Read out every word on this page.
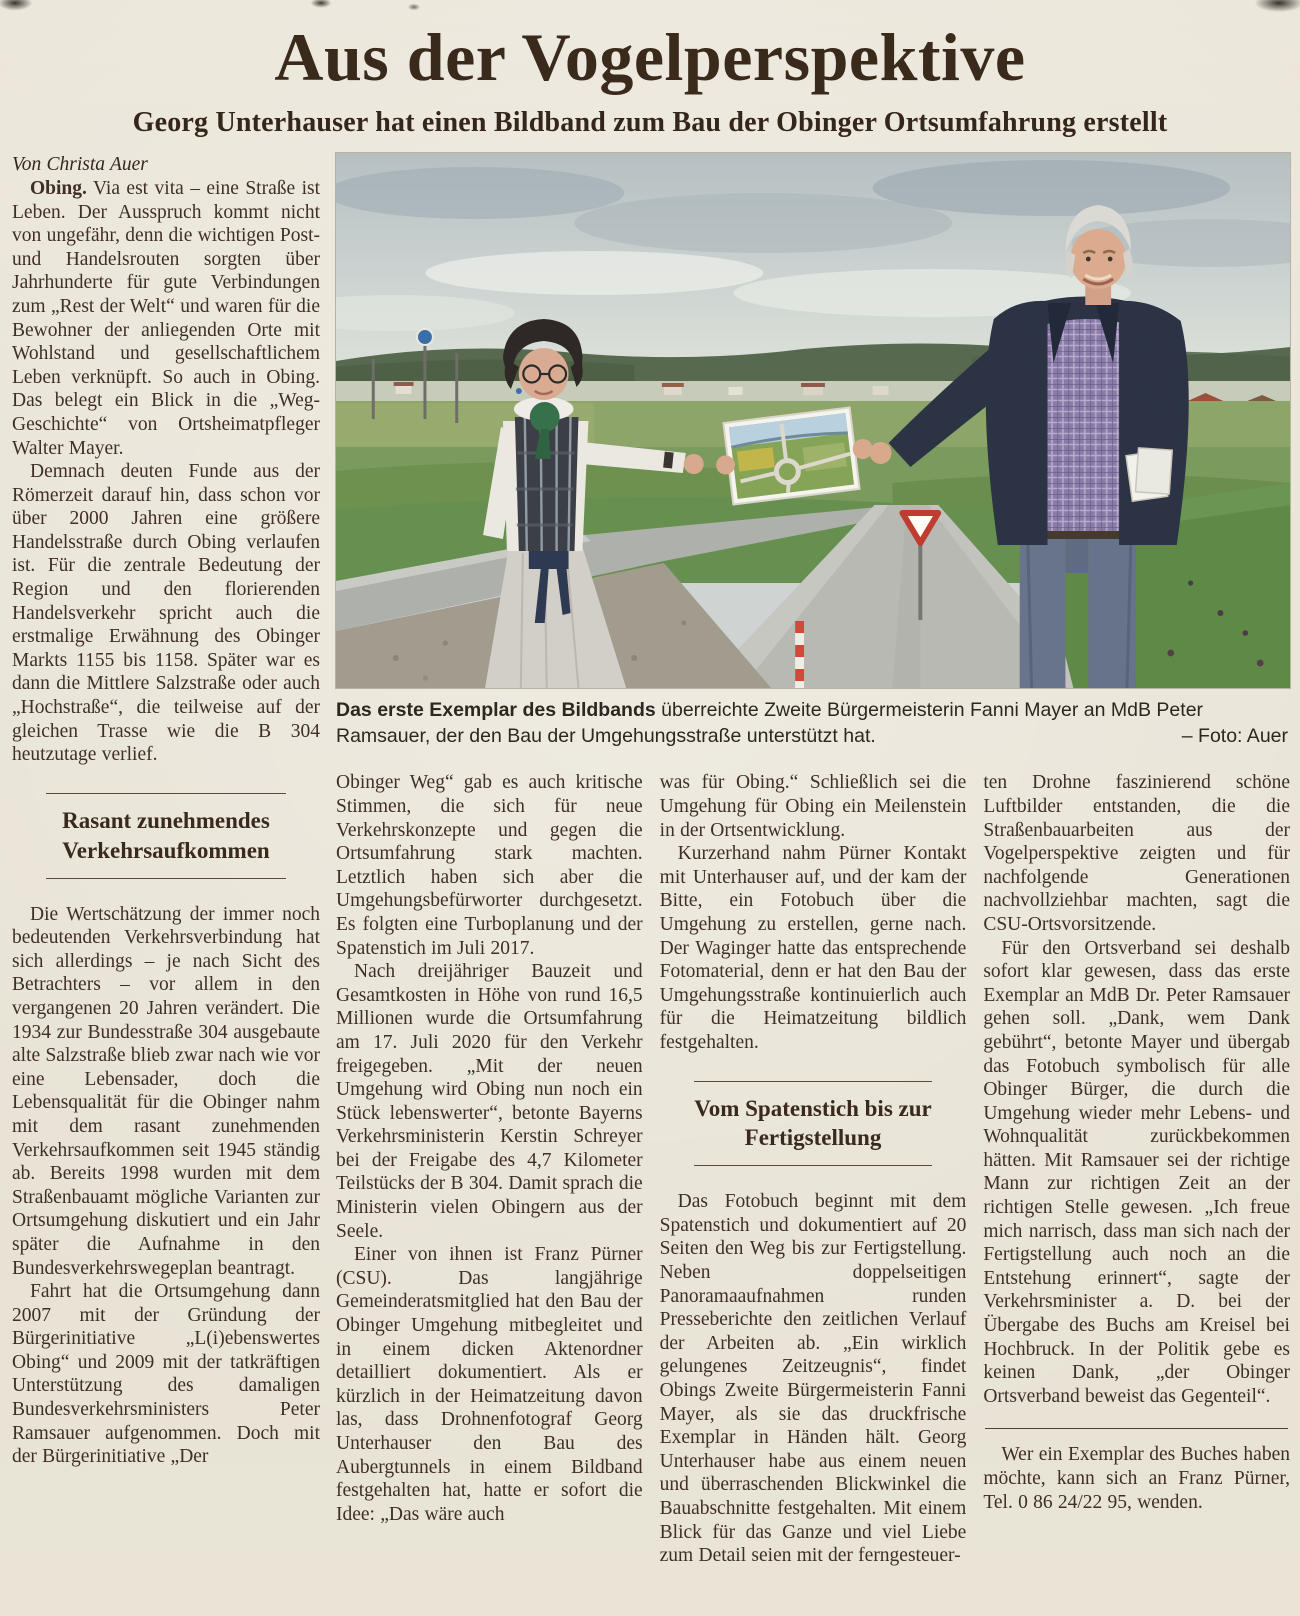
Aus der Vogelperspektive
Georg Unterhauser hat einen Bildband zum Bau der Obinger Ortsumfahrung erstellt

Von Christa Auer

Obing. Via est vita – eine Straße ist Leben. Der Ausspruch kommt nicht von ungefähr, denn die wichtigen Post- und Handelsrouten sorgten über Jahrhunderte für gute Verbindungen zum „Rest der Welt“ und waren für die Bewohner der anliegenden Orte mit Wohlstand und gesellschaftlichem Leben verknüpft. So auch in Obing. Das belegt ein Blick in die „Weg-Geschichte“ von Ortsheimatpfleger Walter Mayer.

Demnach deuten Funde aus der Römerzeit darauf hin, dass schon vor über 2000 Jahren eine größere Handelsstraße durch Obing verlaufen ist. Für die zentrale Bedeutung der Region und den florierenden Handelsverkehr spricht auch die erstmalige Erwähnung des Obinger Markts 1155 bis 1158. Später war es dann die Mittlere Salzstraße oder auch „Hochstraße“, die teilweise auf der gleichen Trasse wie die B 304 heutzutage verlief.

Rasant zunehmendes Verkehrsaufkommen

Die Wertschätzung der immer noch bedeutenden Verkehrsverbindung hat sich allerdings – je nach Sicht des Betrachters – vor allem in den vergangenen 20 Jahren verändert. Die 1934 zur Bundesstraße 304 ausgebaute alte Salzstraße blieb zwar nach wie vor eine Lebensader, doch die Lebensqualität für die Obinger nahm mit dem rasant zunehmenden Verkehrsaufkommen seit 1945 ständig ab. Bereits 1998 wurden mit dem Straßenbauamt mögliche Varianten zur Ortsumgehung diskutiert und ein Jahr später die Aufnahme in den Bundesverkehrswegeplan beantragt.

Fahrt hat die Ortsumgehung dann 2007 mit der Gründung der Bürgerinitiative „L(i)ebenswertes Obing“ und 2009 mit der tatkräftigen Unterstützung des damaligen Bundesverkehrsministers Peter Ramsauer aufgenommen. Doch mit der Bürgerinitiative „Der

Das erste Exemplar des Bildbands überreichte Zweite Bürgermeisterin Fanni Mayer an MdB Peter Ramsauer, der den Bau der Umgehungsstraße unterstützt hat.	– Foto: Auer

Obinger Weg“ gab es auch kritische Stimmen, die sich für neue Verkehrskonzepte und gegen die Ortsumfahrung stark machten. Letztlich haben sich aber die Umgehungsbefürworter durchgesetzt. Es folgten eine Turboplanung und der Spatenstich im Juli 2017.

Nach dreijähriger Bauzeit und Gesamtkosten in Höhe von rund 16,5 Millionen wurde die Ortsumfahrung am 17. Juli 2020 für den Verkehr freigegeben. „Mit der neuen Umgehung wird Obing nun noch ein Stück lebenswerter“, betonte Bayerns Verkehrsministerin Kerstin Schreyer bei der Freigabe des 4,7 Kilometer Teilstücks der B 304. Damit sprach die Ministerin vielen Obingern aus der Seele.

Einer von ihnen ist Franz Pürner (CSU). Das langjährige Gemeinderatsmitglied hat den Bau der Obinger Umgehung mitbegleitet und in einem dicken Aktenordner detailliert dokumentiert. Als er kürzlich in der Heimatzeitung davon las, dass Drohnenfotograf Georg Unterhauser den Bau des Aubergtunnels in einem Bildband festgehalten hat, hatte er sofort die Idee: „Das wäre auch

was für Obing.“ Schließlich sei die Umgehung für Obing ein Meilenstein in der Ortsentwicklung.

Kurzerhand nahm Pürner Kontakt mit Unterhauser auf, und der kam der Bitte, ein Fotobuch über die Umgehung zu erstellen, gerne nach. Der Waginger hatte das entsprechende Fotomaterial, denn er hat den Bau der Umgehungsstraße kontinuierlich auch für die Heimatzeitung bildlich festgehalten.

Vom Spatenstich bis zur Fertigstellung

Das Fotobuch beginnt mit dem Spatenstich und dokumentiert auf 20 Seiten den Weg bis zur Fertigstellung. Neben doppelseitigen Panoramaaufnahmen runden Presseberichte den zeitlichen Verlauf der Arbeiten ab. „Ein wirklich gelungenes Zeitzeugnis“, findet Obings Zweite Bürgermeisterin Fanni Mayer, als sie das druckfrische Exemplar in Händen hält. Georg Unterhauser habe aus einem neuen und überraschenden Blickwinkel die Bauabschnitte festgehalten. Mit einem Blick für das Ganze und viel Liebe zum Detail seien mit der ferngesteuer-

ten Drohne faszinierend schöne Luftbilder entstanden, die die Straßenbauarbeiten aus der Vogelperspektive zeigten und für nachfolgende Generationen nachvollziehbar machten, sagt die CSU-Ortsvorsitzende.

Für den Ortsverband sei deshalb sofort klar gewesen, dass das erste Exemplar an MdB Dr. Peter Ramsauer gehen soll. „Dank, wem Dank gebührt“, betonte Mayer und übergab das Fotobuch symbolisch für alle Obinger Bürger, die durch die Umgehung wieder mehr Lebens- und Wohnqualität zurückbekommen hätten. Mit Ramsauer sei der richtige Mann zur richtigen Zeit an der richtigen Stelle gewesen. „Ich freue mich narrisch, dass man sich nach der Fertigstellung auch noch an die Entstehung erinnert“, sagte der Verkehrsminister a. D. bei der Übergabe des Buchs am Kreisel bei Hochbruck. In der Politik gebe es keinen Dank, „der Obinger Ortsverband beweist das Gegenteil“.

Wer ein Exemplar des Buches haben möchte, kann sich an Franz Pürner, Tel. 0 86 24/22 95, wenden.
